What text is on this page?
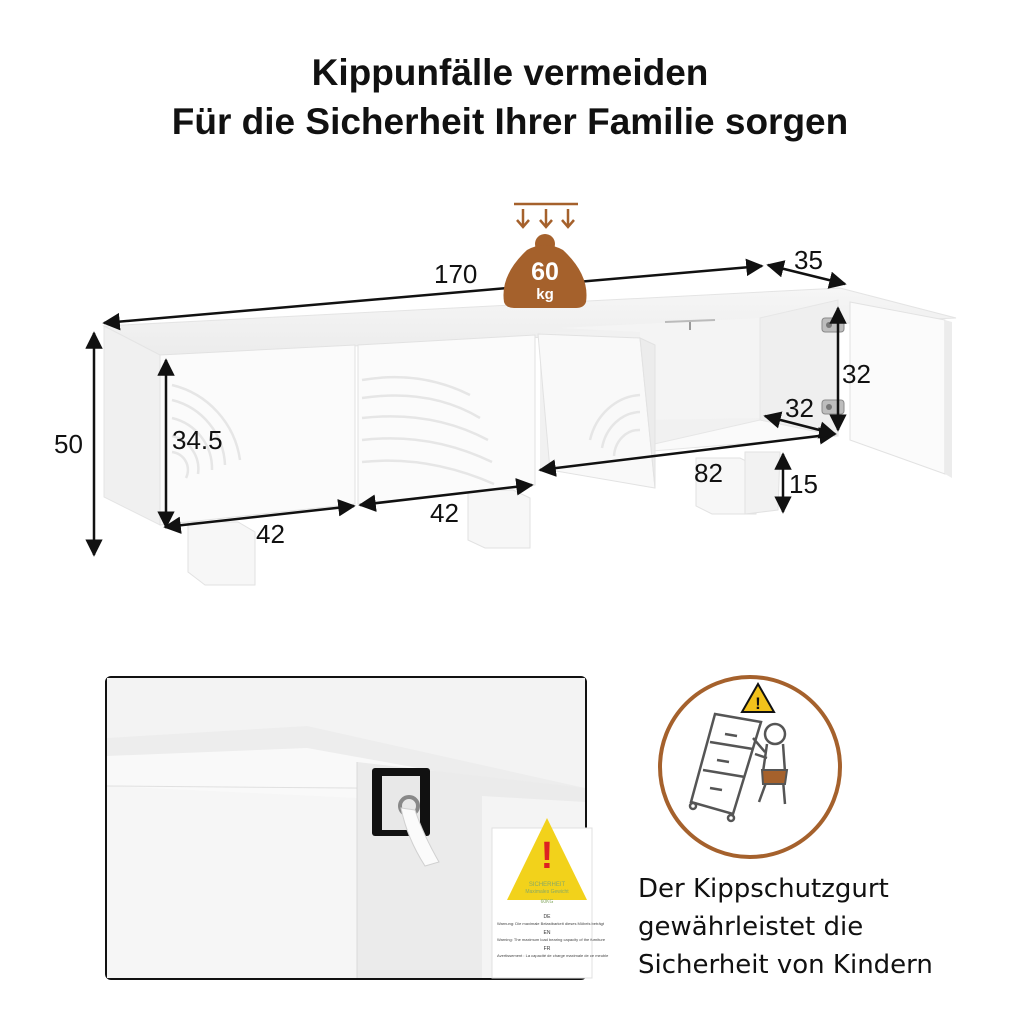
Kippunfälle vermeiden
Für die Sicherheit Ihrer Familie sorgen
170	35
50	34.5
42
42
82	15
32
32
60
kg
!
SICHERHEIT
Maximales Gewicht
60KG
DE
Warnung: Die maximale Belastbarkeit dieses Möbels beträgt
EN
Warning: The maximum load bearing capacity of the furniture
FR
Avertissement : La capacité de charge maximale de ce meuble
!
Der Kippschutzgurt
gewährleistet die
Sicherheit von Kindern
